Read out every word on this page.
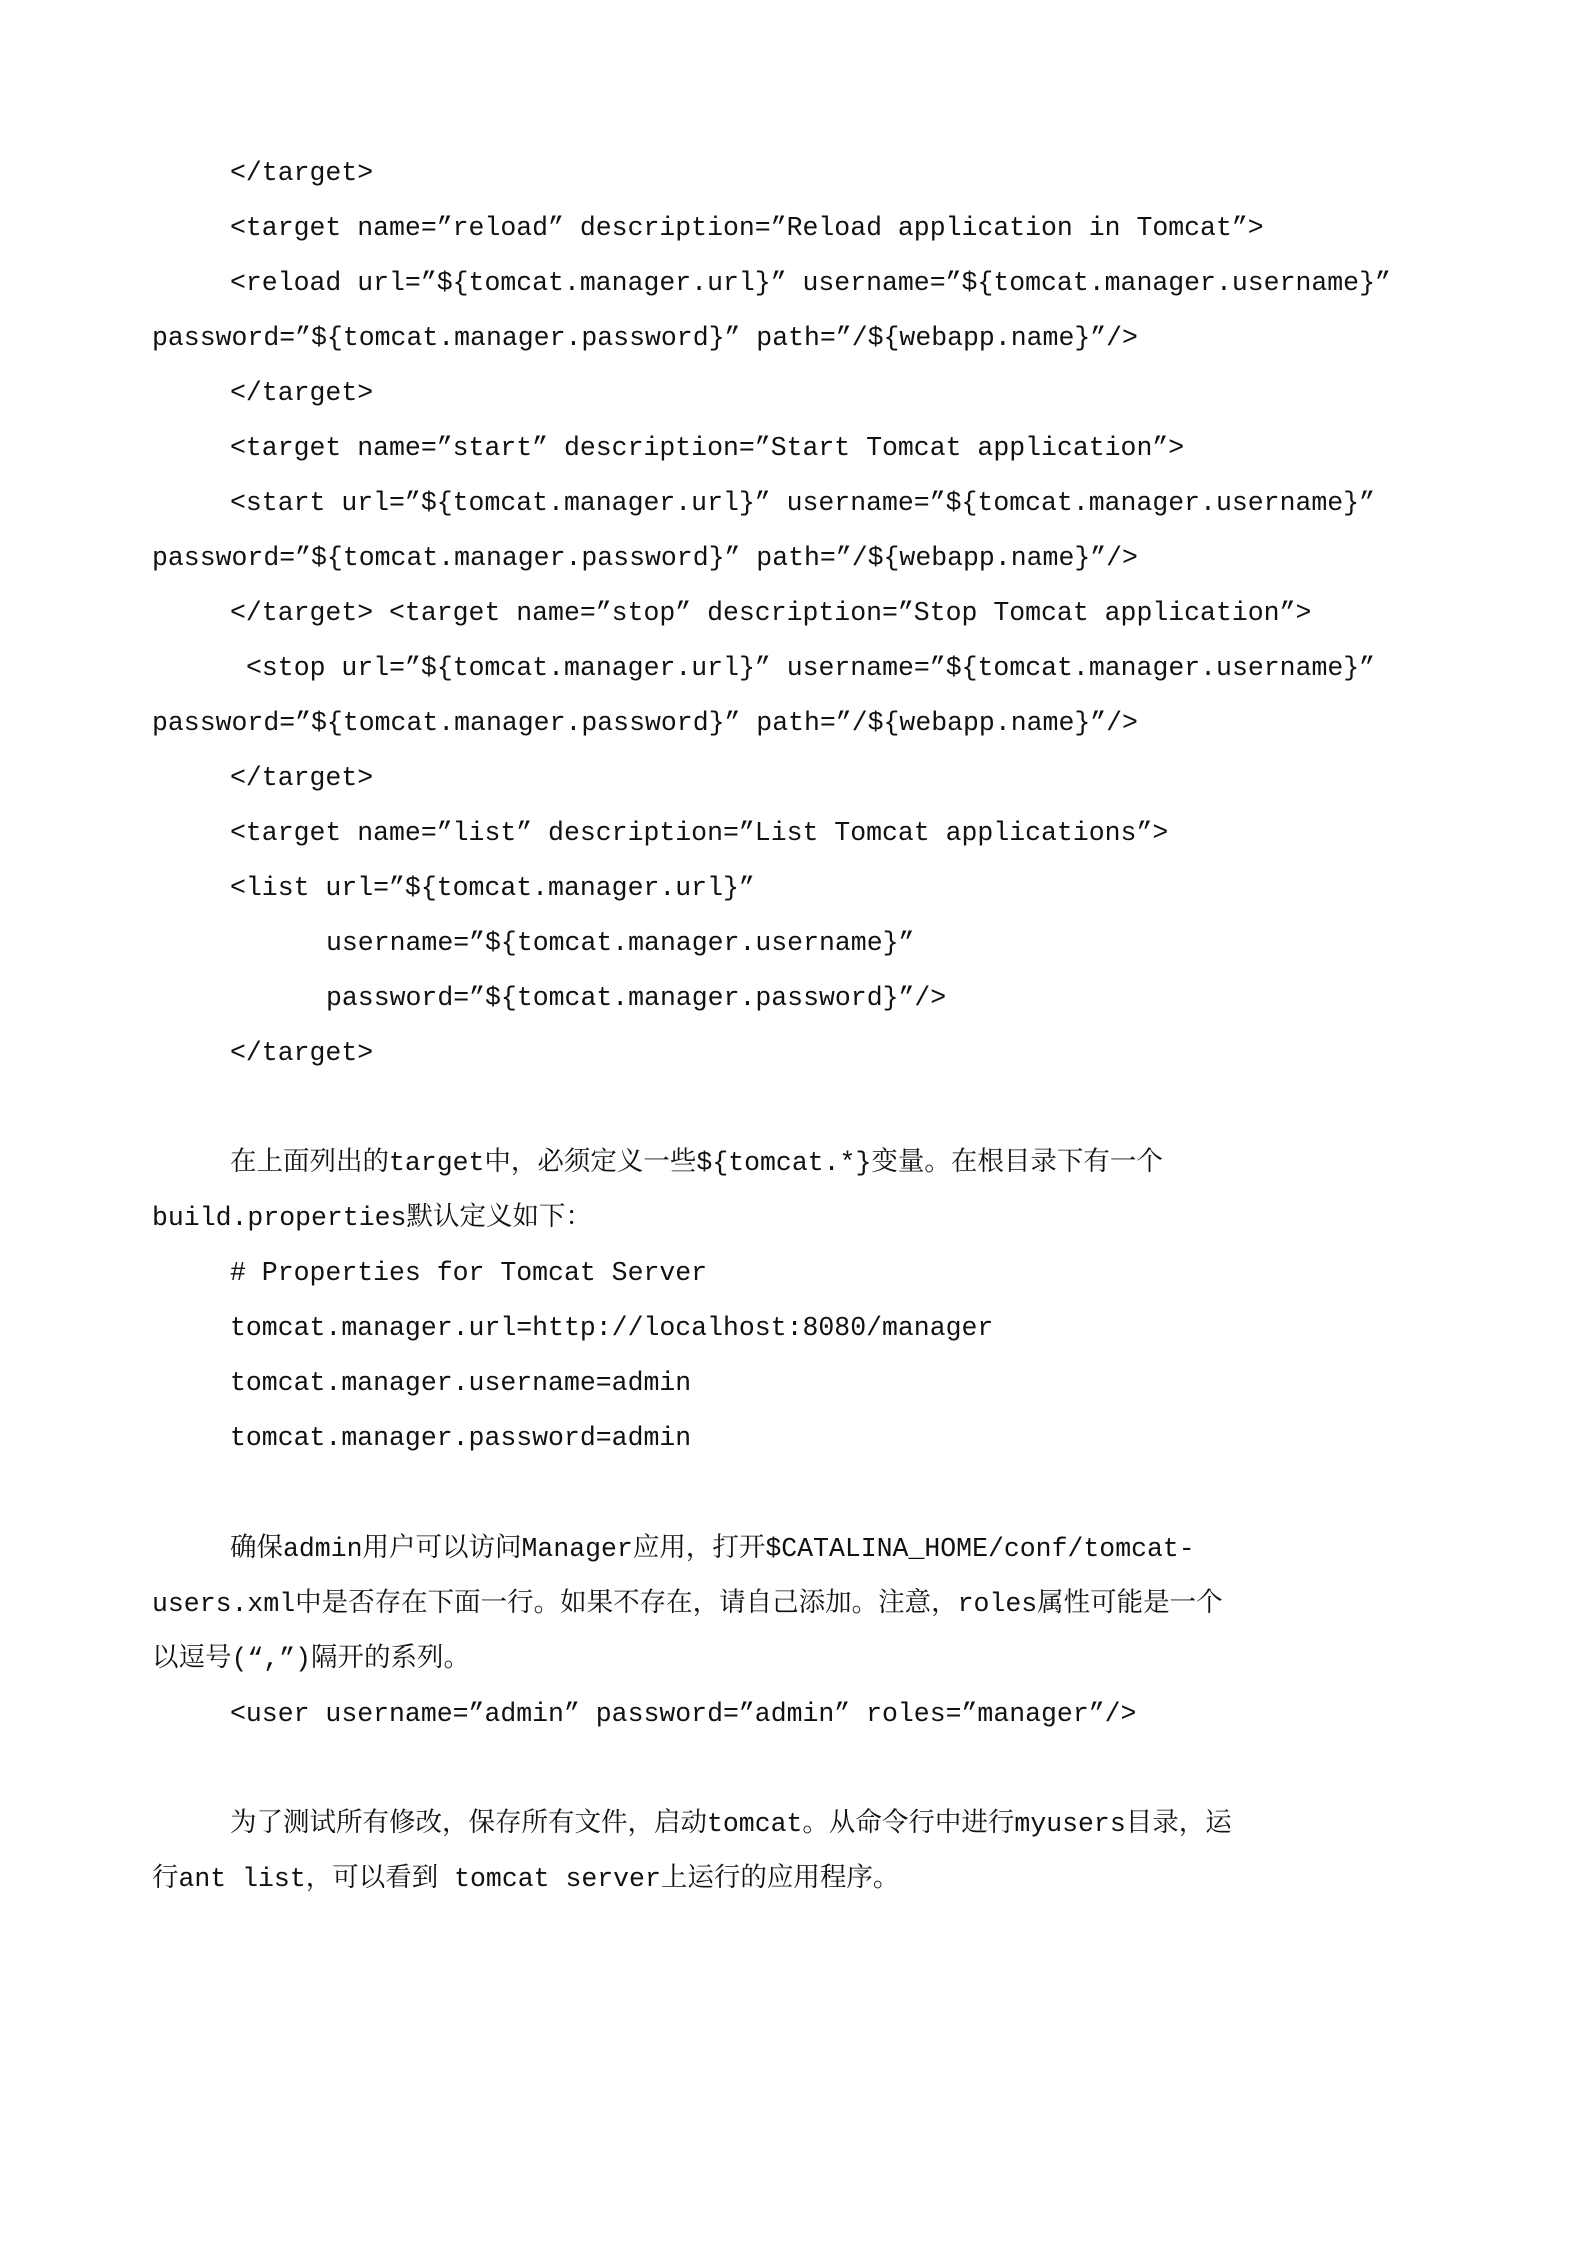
</target>
<target name=”reload” description=”Reload application in Tomcat”>
<reload url=”${tomcat.manager.url}” username=”${tomcat.manager.username}”
password=”${tomcat.manager.password}” path=”/${webapp.name}”/>
</target>
<target name=”start” description=”Start Tomcat application”>
<start url=”${tomcat.manager.url}” username=”${tomcat.manager.username}”
password=”${tomcat.manager.password}” path=”/${webapp.name}”/>
</target> <target name=”stop” description=”Stop Tomcat application”>
<stop url=”${tomcat.manager.url}” username=”${tomcat.manager.username}”
password=”${tomcat.manager.password}” path=”/${webapp.name}”/>
</target>
<target name=”list” description=”List Tomcat applications”>
<list url=”${tomcat.manager.url}”
username=”${tomcat.manager.username}”
password=”${tomcat.manager.password}”/>
</target>
在上面列出的target中，必须定义一些${tomcat.*}变量。在根目录下有一个
build.properties默认定义如下：
# Properties for Tomcat Server
tomcat.manager.url=http://localhost:8080/manager
tomcat.manager.username=admin
tomcat.manager.password=admin
确保admin用户可以访问Manager应用，打开$CATALINA_HOME/conf/tomcat-
users.xml中是否存在下面一行。如果不存在，请自己添加。注意，roles属性可能是一个
以逗号(“,”)隔开的系列。
<user username=”admin” password=”admin” roles=”manager”/>
为了测试所有修改，保存所有文件，启动tomcat。从命令行中进行myusers目录，运
行ant list，可以看到 tomcat server上运行的应用程序。
